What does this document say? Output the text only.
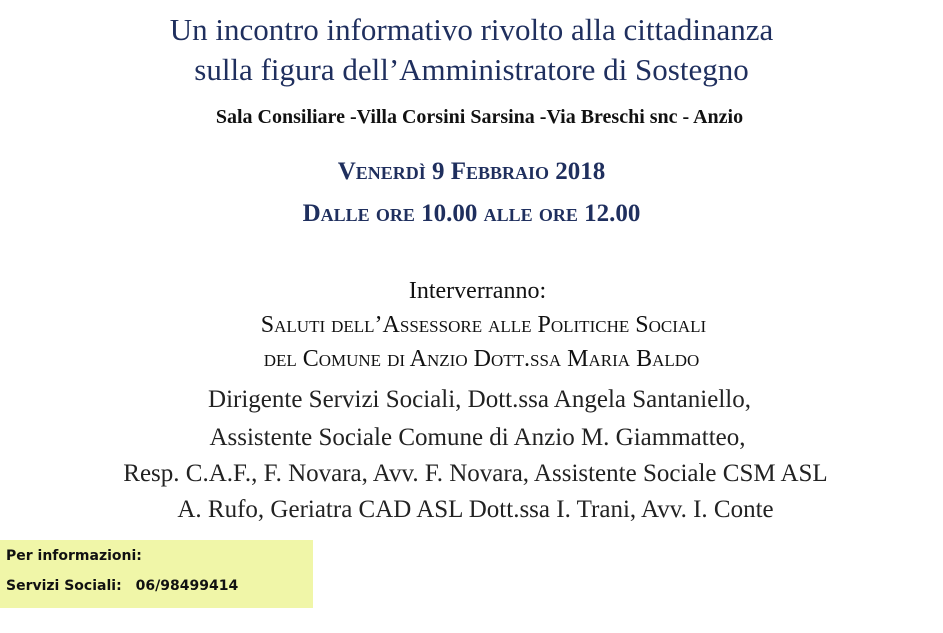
Un incontro informativo rivolto alla cittadinanza
sulla figura dell’Amministratore di Sostegno
Sala Consiliare -Villa Corsini Sarsina -Via Breschi snc - Anzio
Venerdì 9 Febbraio 2018
Dalle ore 10.00 alle ore 12.00
Interverranno:
Saluti dell’Assessore alle Politiche Sociali
del Comune di Anzio Dott.ssa Maria Baldo
Dirigente Servizi Sociali, Dott.ssa Angela Santaniello,
Assistente Sociale Comune di Anzio M. Giammatteo,
Resp. C.A.F., F. Novara, Avv. F. Novara, Assistente Sociale CSM ASL
A. Rufo, Geriatra CAD ASL Dott.ssa I. Trani, Avv. I. Conte
Per informazioni:
Servizi Sociali: 06/98499414
